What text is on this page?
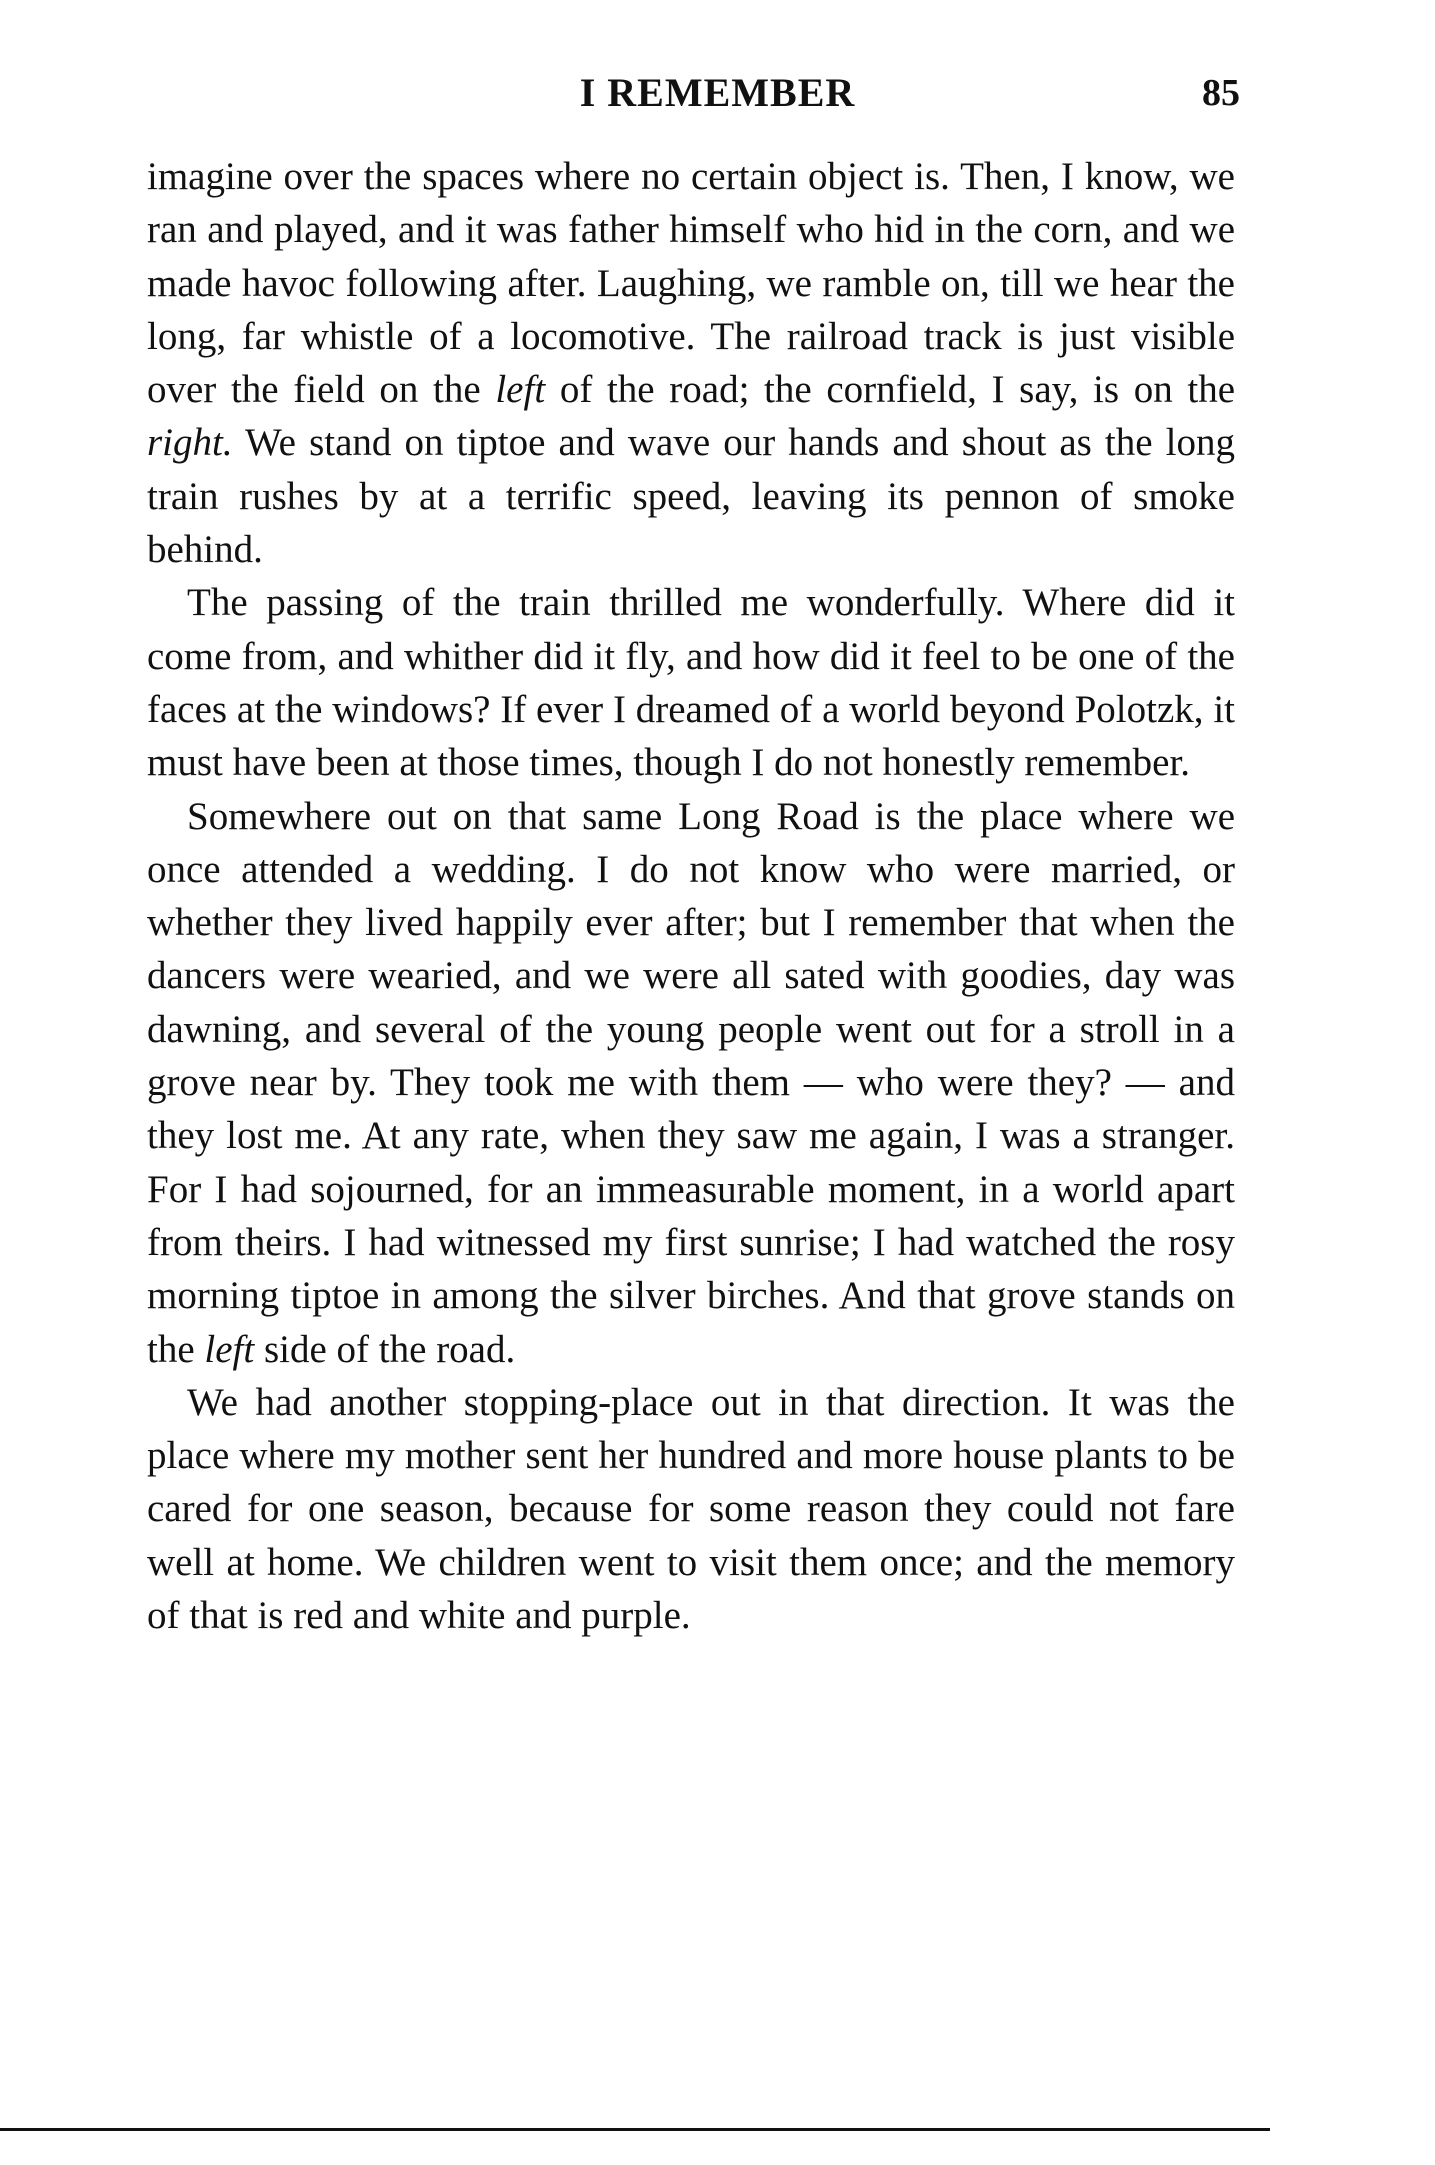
I REMEMBER	85

imagine over the spaces where no certain object is. Then, I know, we ran and played, and it was father himself who hid in the corn, and we made havoc following after. Laughing, we ramble on, till we hear the long, far whistle of a locomotive. The railroad track is just visible over the field on the left of the road; the cornfield, I say, is on the right. We stand on tiptoe and wave our hands and shout as the long train rushes by at a terrific speed, leaving its pennon of smoke behind.

The passing of the train thrilled me wonderfully. Where did it come from, and whither did it fly, and how did it feel to be one of the faces at the windows? If ever I dreamed of a world beyond Polotzk, it must have been at those times, though I do not honestly remember.

Somewhere out on that same Long Road is the place where we once attended a wedding. I do not know who were married, or whether they lived happily ever after; but I remember that when the dancers were wearied, and we were all sated with goodies, day was dawning, and several of the young people went out for a stroll in a grove near by. They took me with them — who were they? — and they lost me. At any rate, when they saw me again, I was a stranger. For I had sojourned, for an immeasurable moment, in a world apart from theirs. I had witnessed my first sunrise; I had watched the rosy morning tiptoe in among the silver birches. And that grove stands on the left side of the road.

We had another stopping-place out in that direction. It was the place where my mother sent her hundred and more house plants to be cared for one season, because for some reason they could not fare well at home. We children went to visit them once; and the memory of that is red and white and purple.
